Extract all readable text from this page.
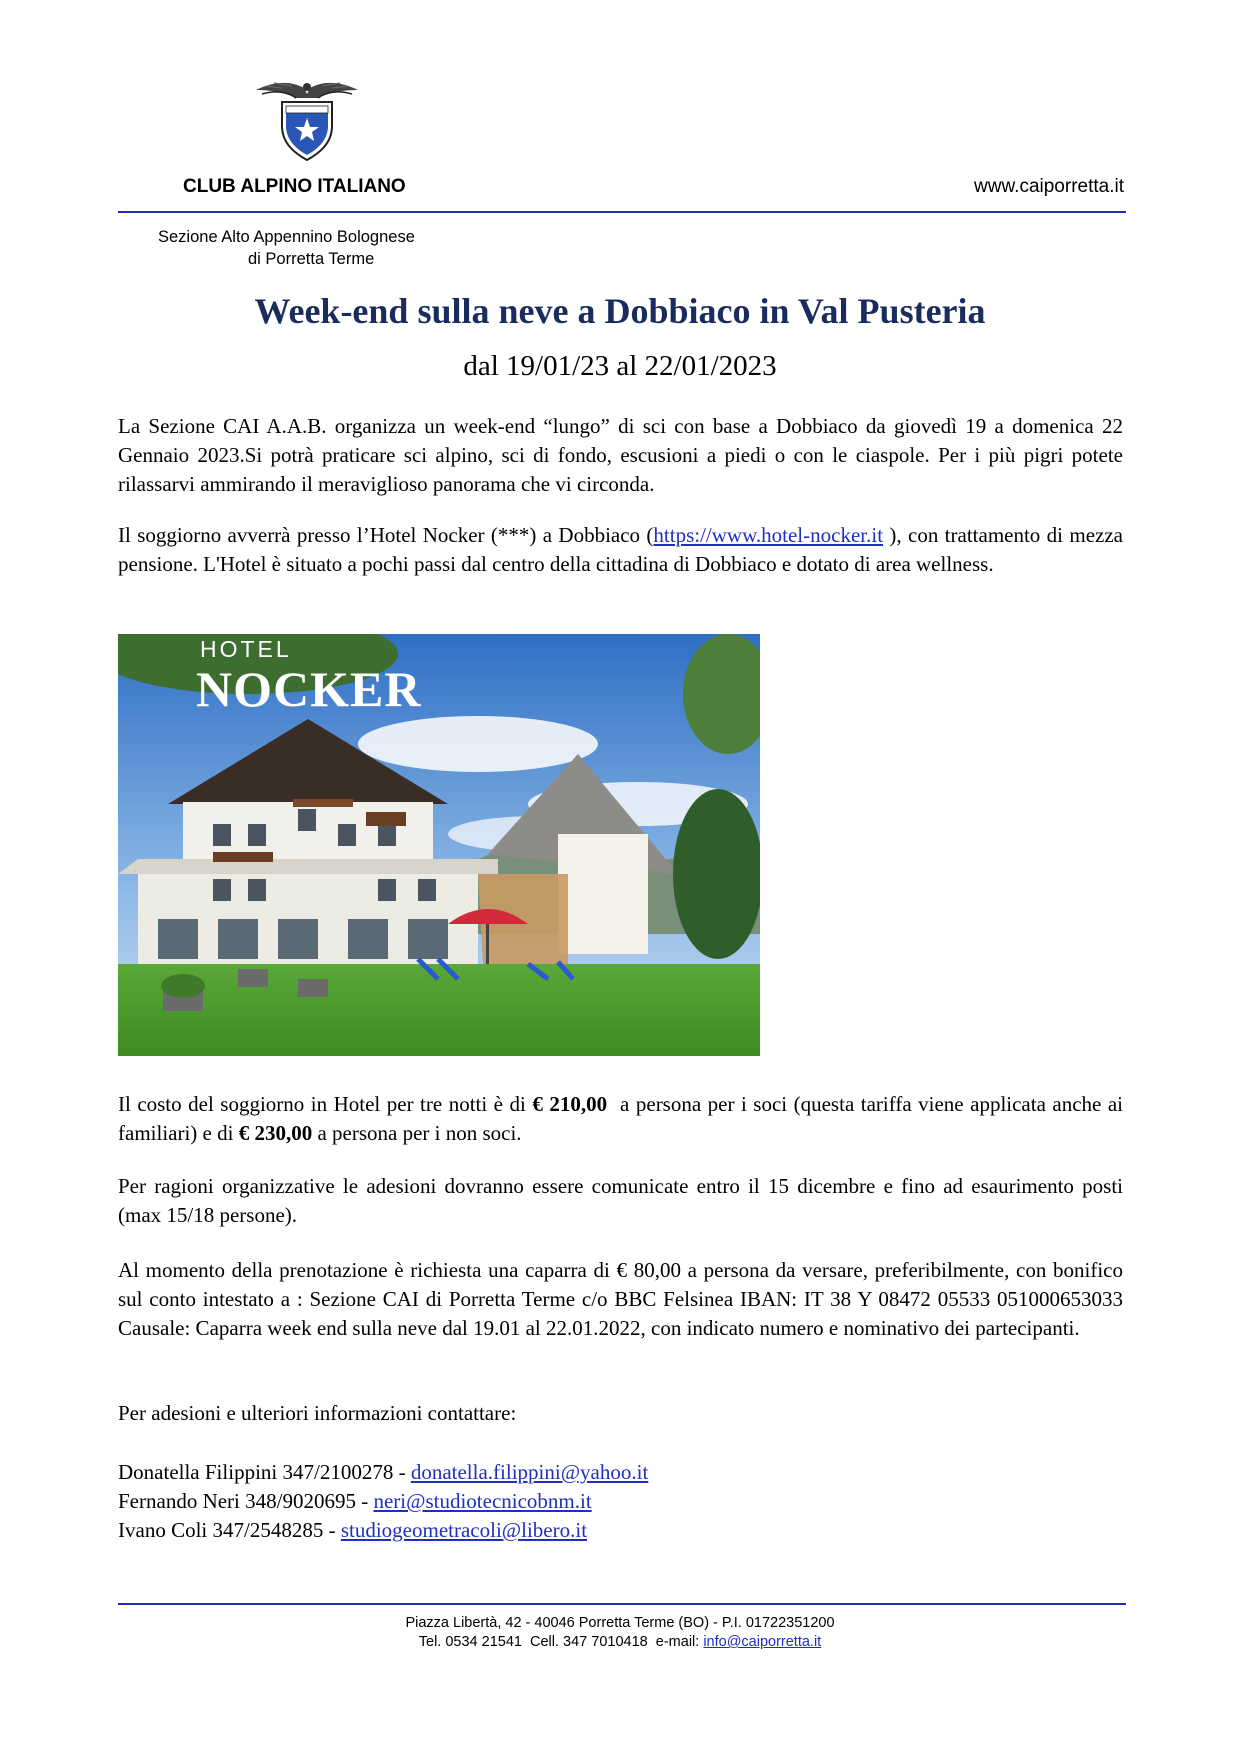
CLUB ALPINO ITALIANO	www.caiporretta.it
Sezione Alto Appennino Bolognese
di Porretta Terme
Week-end sulla neve a Dobbiaco in Val Pusteria
dal 19/01/23 al 22/01/2023

La Sezione CAI A.A.B. organizza un week-end “lungo” di sci con base a Dobbiaco da giovedì 19 a domenica 22 Gennaio 2023.Si potrà praticare sci alpino, sci di fondo, escusioni a piedi o con le ciaspole. Per i più pigri potete rilassarvi ammirando il meraviglioso panorama che vi circonda.

Il soggiorno avverrà presso l’Hotel Nocker (***) a Dobbiaco (https://www.hotel-nocker.it ), con trattamento di mezza pensione. L'Hotel è situato a pochi passi dal centro della cittadina di Dobbiaco e dotato di area wellness.

HOTEL
NOCKER

Il costo del soggiorno in Hotel per tre notti è di € 210,00  a persona per i soci (questa tariffa viene applicata anche ai familiari) e di € 230,00 a persona per i non soci.

Per ragioni organizzative le adesioni dovranno essere comunicate entro il 15 dicembre e fino ad esaurimento posti (max 15/18 persone).

Al momento della prenotazione è richiesta una caparra di € 80,00 a persona da versare, preferibilmente, con bonifico sul conto intestato a : Sezione CAI di Porretta Terme c/o BBC Felsinea IBAN: IT 38 Y 08472 05533 051000653033 Causale: Caparra week end sulla neve dal 19.01 al 22.01.2022, con indicato numero e nominativo dei partecipanti.

Per adesioni e ulteriori informazioni contattare:

Donatella Filippini 347/2100278 - donatella.filippini@yahoo.it

Fernando Neri 348/9020695 - neri@studiotecnicobnm.it

Ivano Coli 347/2548285 - studiogeometracoli@libero.it

Piazza Libertà, 42 - 40046 Porretta Terme (BO) - P.I. 01722351200
Tel. 0534 21541  Cell. 347 7010418  e-mail: info@caiporretta.it
